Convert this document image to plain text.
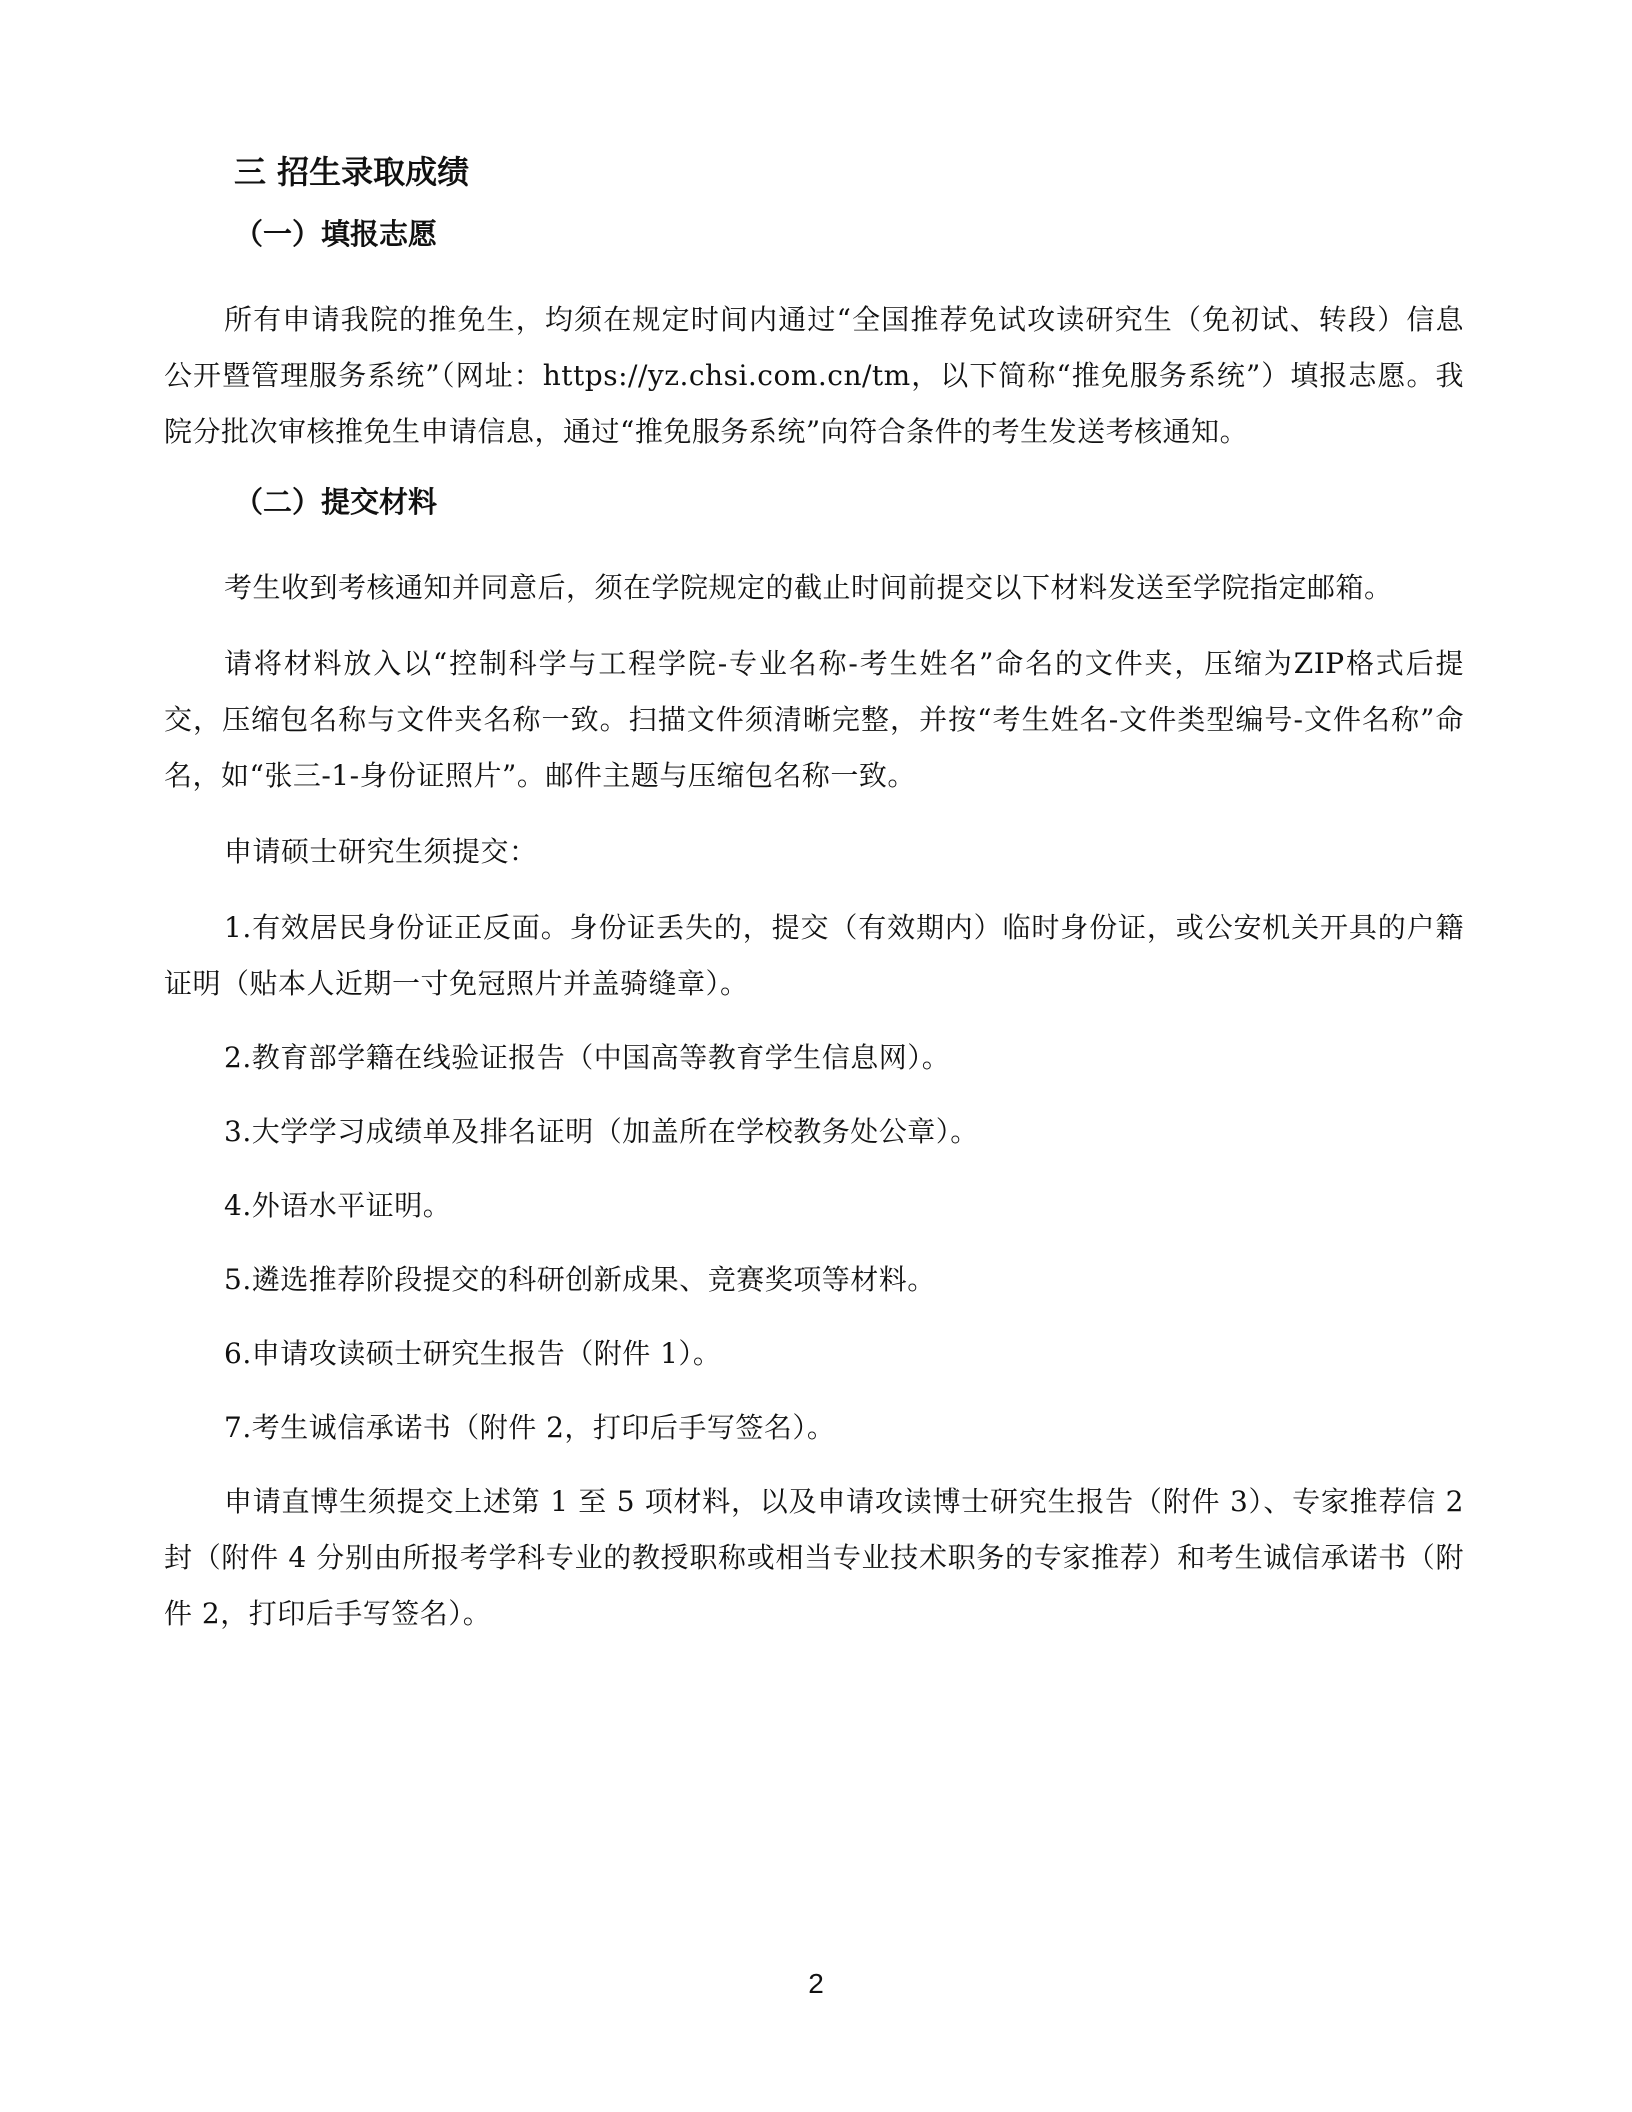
三 招生录取成绩
（一）填报志愿

所有申请我院的推免生，均须在规定时间内通过“全国推荐免试攻读研究生（免初试、转段）信息公开暨管理服务系统”（网址：https://yz.chsi.com.cn/tm，以下简称“推免服务系统”）填报志愿。我院分批次审核推免生申请信息，通过“推免服务系统”向符合条件的考生发送考核通知。

（二）提交材料

考生收到考核通知并同意后，须在学院规定的截止时间前提交以下材料发送至学院指定邮箱。

请将材料放入以“控制科学与工程学院-专业名称-考生姓名”命名的文件夹，压缩为ZIP格式后提交，压缩包名称与文件夹名称一致。扫描文件须清晰完整，并按“考生姓名-文件类型编号-文件名称”命名，如“张三-1-身份证照片”。邮件主题与压缩包名称一致。

申请硕士研究生须提交：

1.有效居民身份证正反面。身份证丢失的，提交（有效期内）临时身份证，或公安机关开具的户籍证明（贴本人近期一寸免冠照片并盖骑缝章）。

2.教育部学籍在线验证报告（中国高等教育学生信息网）。

3.大学学习成绩单及排名证明（加盖所在学校教务处公章）。

4.外语水平证明。

5.遴选推荐阶段提交的科研创新成果、竞赛奖项等材料。

6.申请攻读硕士研究生报告（附件 1）。

7.考生诚信承诺书（附件 2，打印后手写签名）。

申请直博生须提交上述第 1 至 5 项材料，以及申请攻读博士研究生报告（附件 3）、专家推荐信 2 封（附件 4 分别由所报考学科专业的教授职称或相当专业技术职务的专家推荐）和考生诚信承诺书（附件 2，打印后手写签名）。

2
